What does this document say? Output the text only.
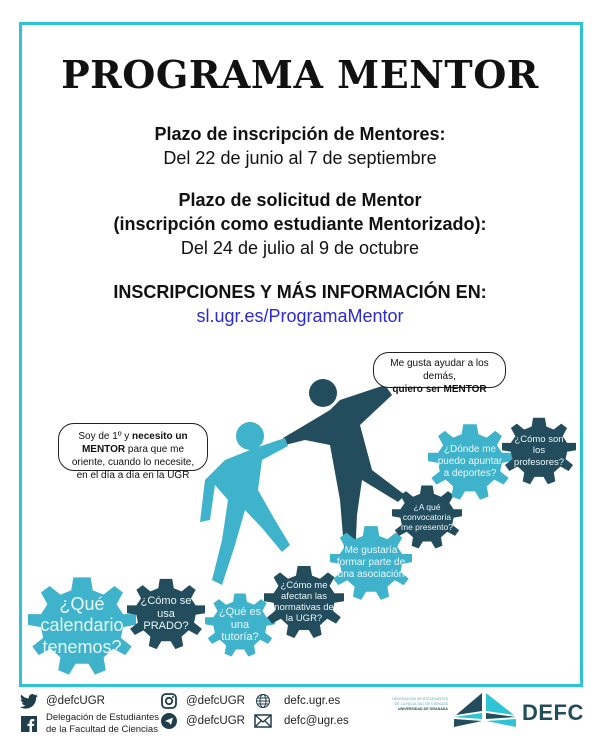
PROGRAMA MENTOR
Plazo de inscripción de Mentores:
Del 22 de junio al 7 de septiembre
Plazo de solicitud de Mentor
(inscripción como estudiante Mentorizado):
Del 24 de julio al 9 de octubre
INSCRIPCIONES Y MÁS INFORMACIÓN EN:
sl.ugr.es/ProgramaMentor
Soy de 1º y necesito un MENTOR para que me oriente, cuando lo necesite, en el día a día en la UGR
Me gusta ayudar a los demás,
quiero ser MENTOR
¿Qué calendario tenemos?
¿Cómo se usa PRADO?
¿Qué es una tutoría?
¿Cómo me afectan las normativas de la UGR?
Me gustaría formar parte de una asociación
¿A qué convocatoria me presento?
¿Dónde me puedo apuntar a deportes?
¿Cómo son los profesores?
@defcUGR
Delegación de Estudiantes
de la Facultad de Ciencias
@defcUGR
@defcUGR
defc.ugr.es
defc@ugr.es
DELEGACIÓN DE ESTUDIANTES
DE LA FACULTAD DE CIENCIAS
UNIVERSIDAD DE GRANADA	DEFC
